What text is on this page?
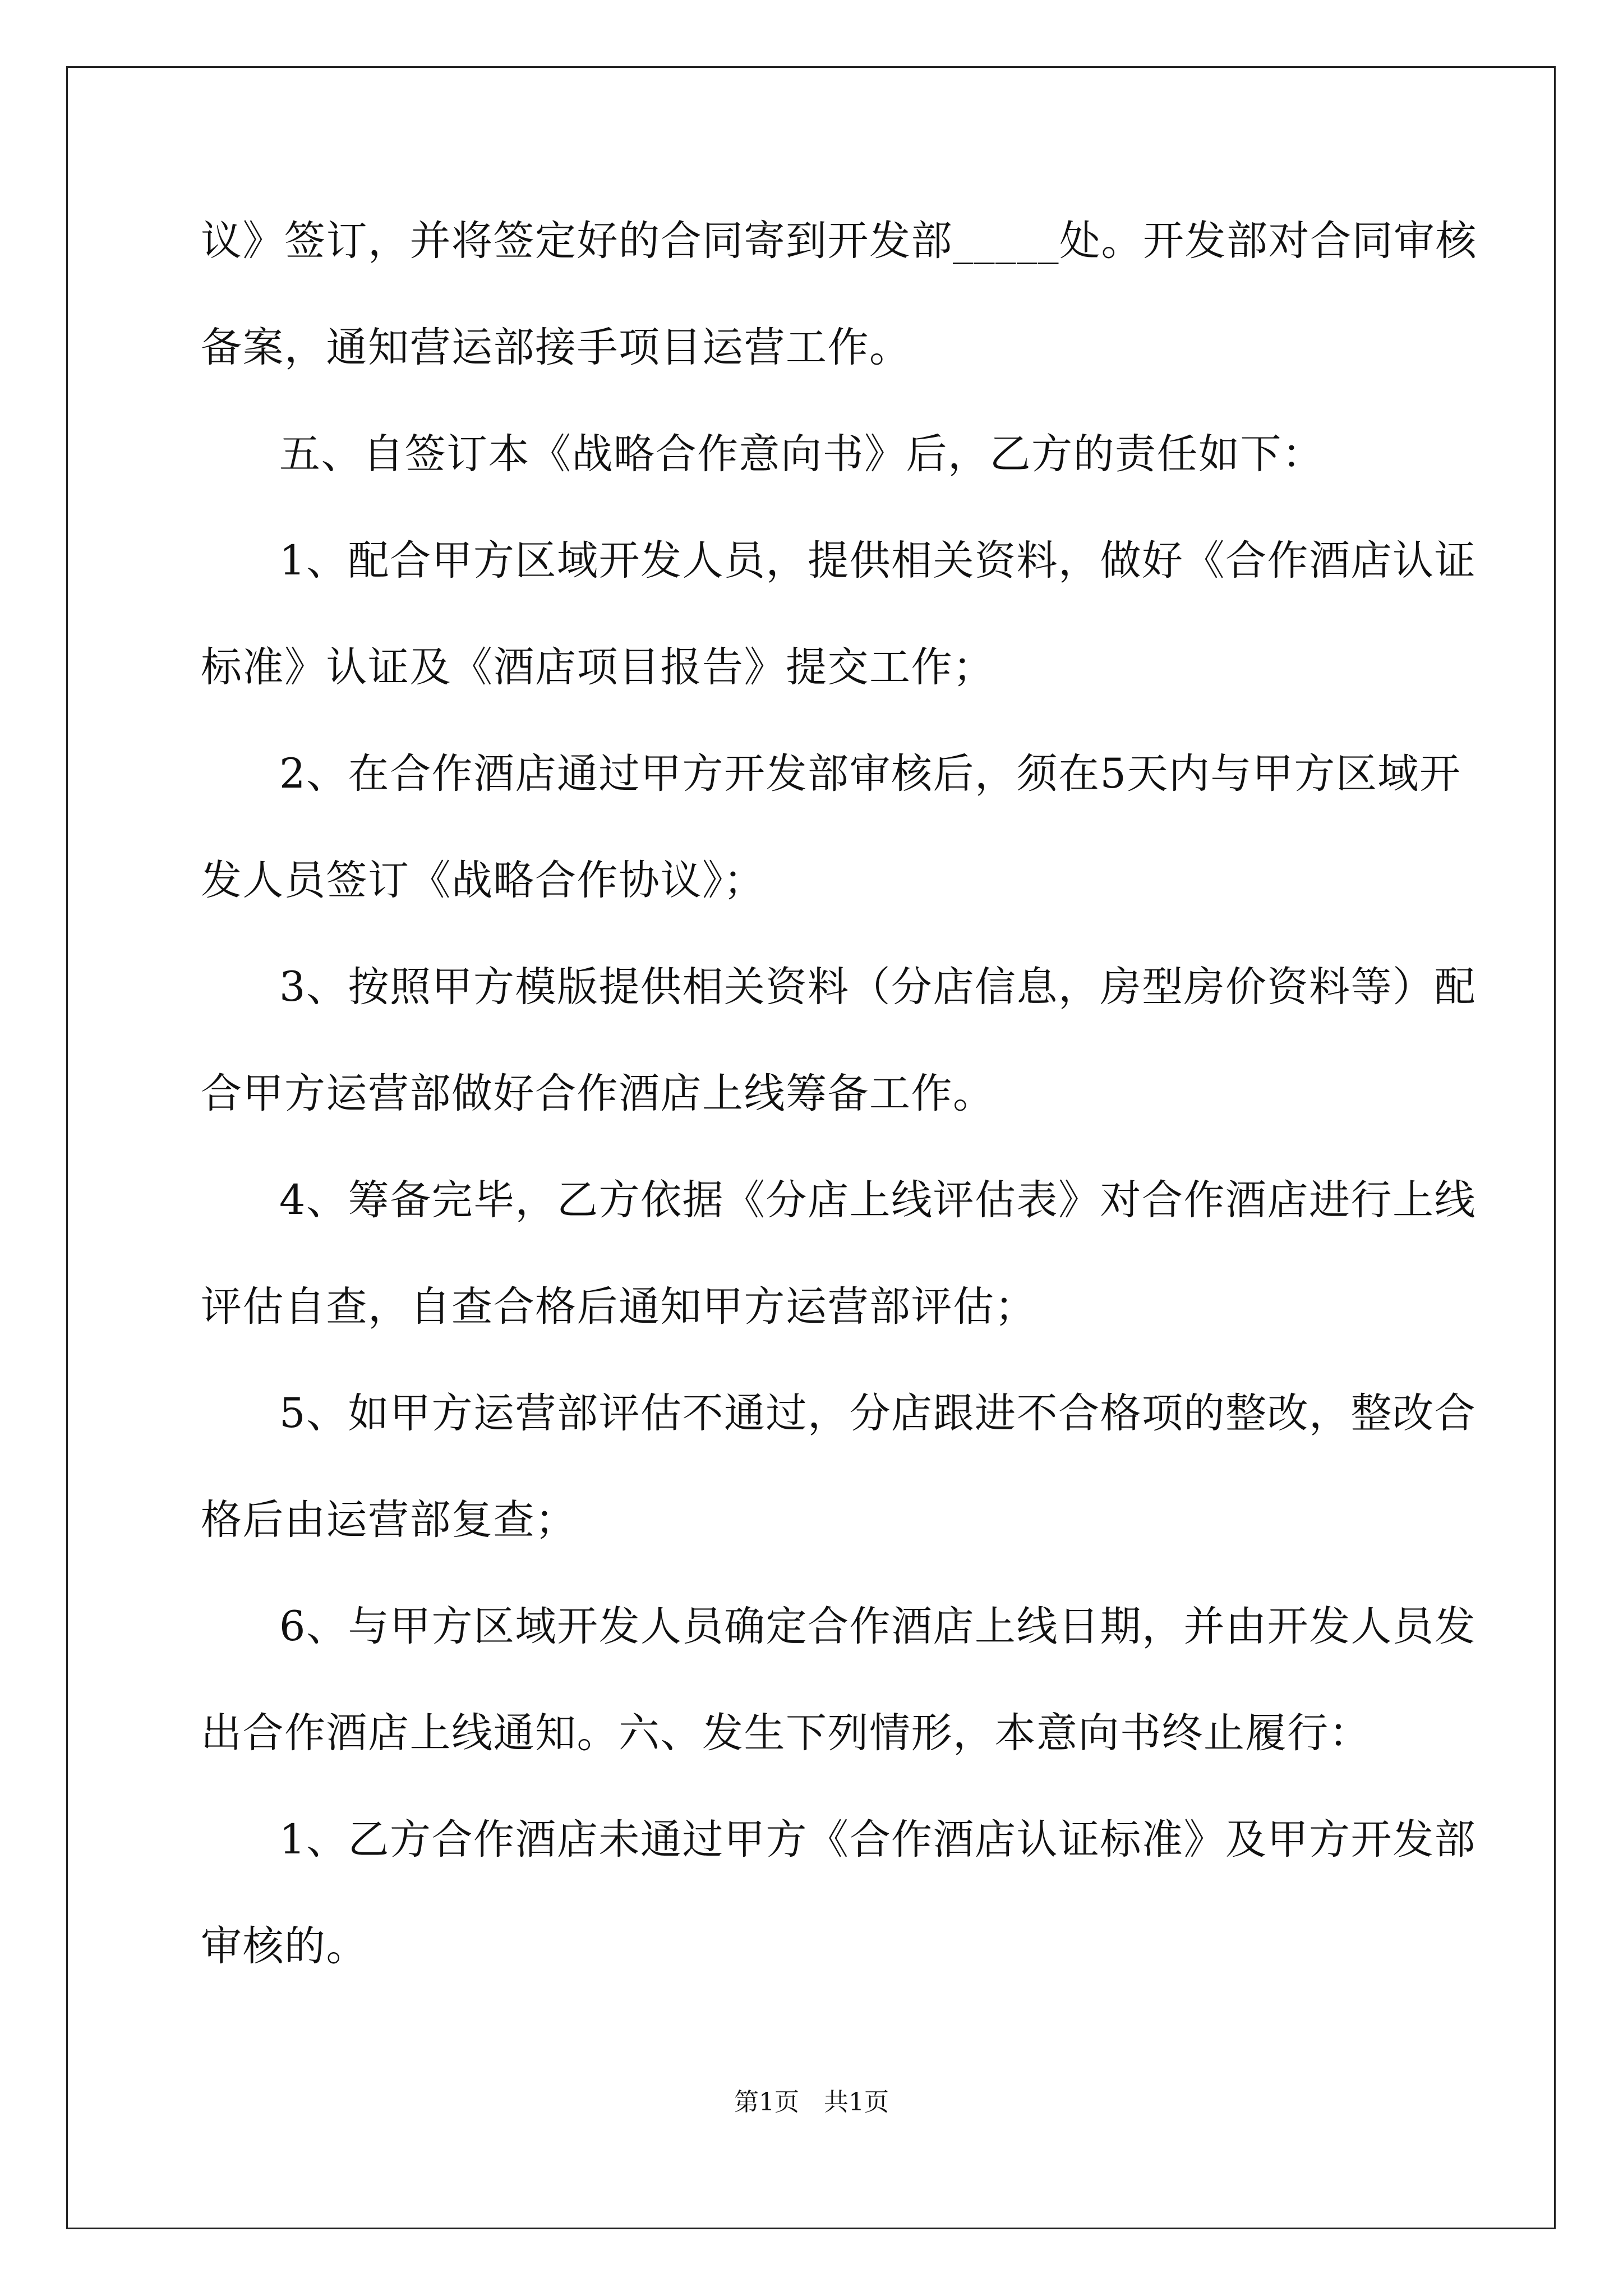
议》签订，并将签定好的合同寄到开发部_____处。开发部对合同审核
备案，通知营运部接手项目运营工作。
五、自签订本《战略合作意向书》后，乙方的责任如下：
1、配合甲方区域开发人员，提供相关资料，做好《合作酒店认证
标准》认证及《酒店项目报告》提交工作；
2、在合作酒店通过甲方开发部审核后，须在5天内与甲方区域开
发人员签订《战略合作协议》；
3、按照甲方模版提供相关资料（分店信息，房型房价资料等）配
合甲方运营部做好合作酒店上线筹备工作。
4、筹备完毕，乙方依据《分店上线评估表》对合作酒店进行上线
评估自查，自查合格后通知甲方运营部评估；
5、如甲方运营部评估不通过，分店跟进不合格项的整改，整改合
格后由运营部复查；
6、与甲方区域开发人员确定合作酒店上线日期，并由开发人员发
出合作酒店上线通知。六、发生下列情形，本意向书终止履行：
1、乙方合作酒店未通过甲方《合作酒店认证标准》及甲方开发部
审核的。
第1页　共1页
